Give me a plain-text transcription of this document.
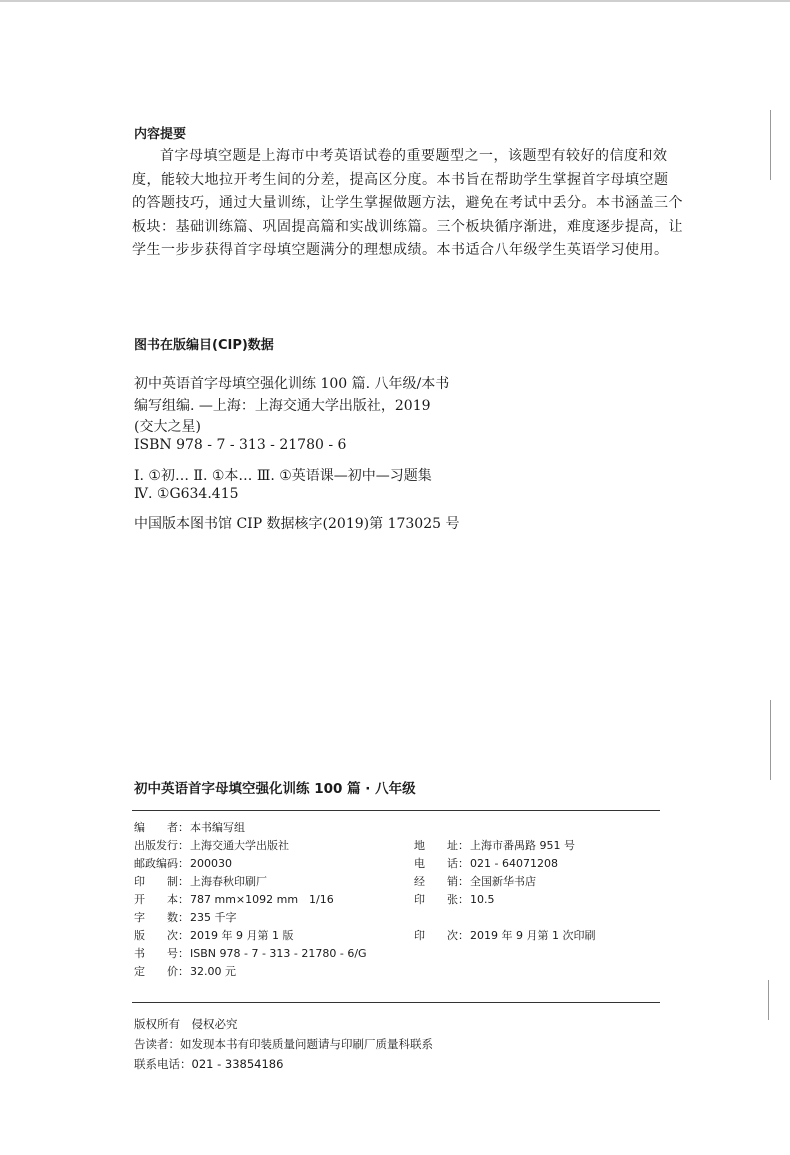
内容提要
首字母填空题是上海市中考英语试卷的重要题型之一，该题型有较好的信度和效
度，能较大地拉开考生间的分差，提高区分度。本书旨在帮助学生掌握首字母填空题
的答题技巧，通过大量训练，让学生掌握做题方法，避免在考试中丢分。本书涵盖三个
板块：基础训练篇、巩固提高篇和实战训练篇。三个板块循序渐进，难度逐步提高，让
学生一步步获得首字母填空题满分的理想成绩。本书适合八年级学生英语学习使用。
图书在版编目(CIP)数据
初中英语首字母填空强化训练 100 篇. 八年级/本书
编写组编. —上海：上海交通大学出版社，2019
(交大之星)
ISBN 978 - 7 - 313 - 21780 - 6
Ⅰ. ①初… Ⅱ. ①本… Ⅲ. ①英语课—初中—习题集
Ⅳ. ①G634.415
中国版本图书馆 CIP 数据核字(2019)第 173025 号
初中英语首字母填空强化训练 100 篇 · 八年级
编　　者：本书编写组
出版发行：上海交通大学出版社
邮政编码：200030
印　　制：上海春秋印刷厂
开　　本：787 mm×1092 mm　1/16
字　　数：235 千字
版　　次：2019 年 9 月第 1 版
书　　号：ISBN 978 - 7 - 313 - 21780 - 6/G
定　　价：32.00 元
地　　址：上海市番禺路 951 号
电　　话：021 - 64071208
经　　销：全国新华书店
印　　张：10.5
印　　次：2019 年 9 月第 1 次印刷
版权所有　侵权必究
告读者：如发现本书有印装质量问题请与印刷厂质量科联系
联系电话：021 - 33854186
